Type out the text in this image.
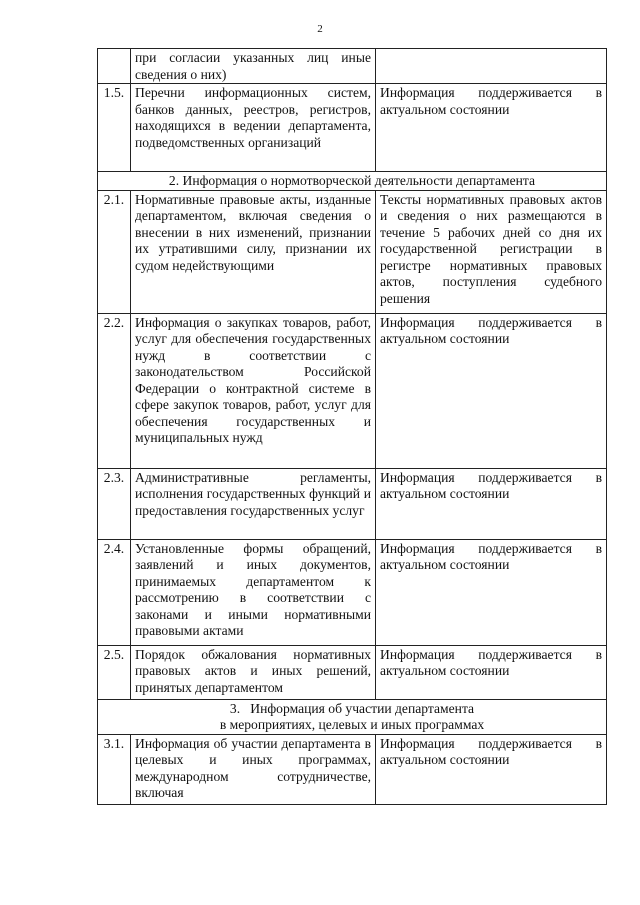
2
	при согласии указанных лиц иные сведения о них)	
1.5.	Перечни информационных систем, банков данных, реестров, регистров, находящихся в ведении департамента, подведомственных организаций	Информация поддерживается в актуальном состоянии
2. Информация о нормотворческой деятельности департамента		
2.1.	Нормативные правовые акты, изданные департаментом, включая сведения о внесении в них изменений, признании их утратившими силу, признании их судом недействующими	Тексты нормативных правовых актов и сведения о них размещаются в течение 5 рабочих дней со дня их государственной регистрации в регистре нормативных правовых актов, поступления судебного решения
2.2.	Информация о закупках товаров, работ, услуг для обеспечения государственных нужд в соответствии с законодательством Российской Федерации о контрактной системе в сфере закупок товаров, работ, услуг для обеспечения государственных и муниципальных нужд	Информация поддерживается в актуальном состоянии
2.3.	Административные регламенты, исполнения государственных функций и предоставления государственных услуг	Информация поддерживается в актуальном состоянии
2.4.	Установленные формы обращений, заявлений и иных документов, принимаемых департаментом к рассмотрению в соответствии с законами и иными нормативными правовыми актами	Информация поддерживается в актуальном состоянии
2.5.	Порядок обжалования нормативных правовых актов и иных решений, принятых департаментом	Информация поддерживается в актуальном состоянии

3.   Информация об участии департамента
в мероприятиях, целевых и иных программах		

3.1.	Информация об участии департамента в целевых и иных программах, международном сотрудничестве, включая	Информация поддерживается в актуальном состоянии
